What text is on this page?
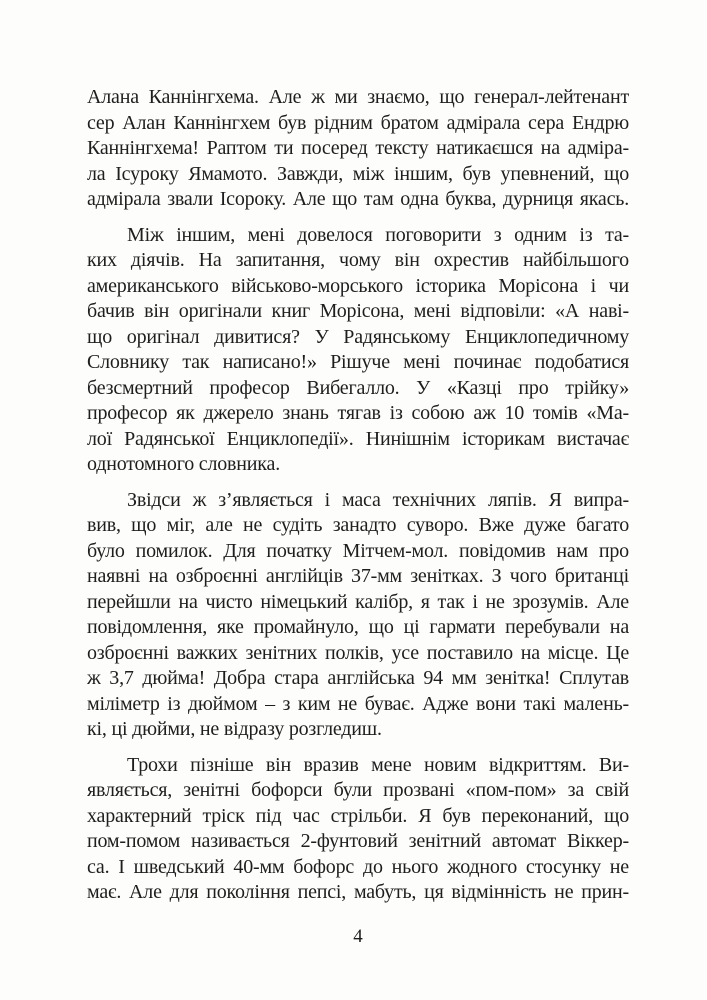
Алана Каннінгхема. Але ж ми знаємо, що генерал-лейтенант
сер Алан Каннінгхем був рідним братом адмірала сера Ендрю
Каннінгхема! Раптом ти посеред тексту натикаєшся на адміра-
ла Ісуроку Ямамото. Завжди, між іншим, був упевнений, що
адмірала звали Ісороку. Але що там одна буква, дурниця якась.

Між іншим, мені довелося поговорити з одним із та-
ких діячів. На запитання, чому він охрестив найбільшого
американського військово-морського історика Морісона і чи
бачив він оригінали книг Морісона, мені відповіли: «А наві-
що оригінал дивитися? У Радянському Енциклопедичному
Словнику так написано!» Рішуче мені починає подобатися
безсмертний професор Вибегалло. У «Казці про трійку»
професор як джерело знань тягав із собою аж 10 томів «Ма-
лої Радянської Енциклопедії». Нинішнім історикам вистачає
однотомного словника.

Звідси ж з’являється і маса технічних ляпів. Я випра-
вив, що міг, але не судіть занадто суворо. Вже дуже багато
було помилок. Для початку Мітчем-мол. повідомив нам про
наявні на озброєнні англійців 37-мм зенітках. З чого британці
перейшли на чисто німецький калібр, я так і не зрозумів. Але
повідомлення, яке промайнуло, що ці гармати перебували на
озброєнні важких зенітних полків, усе поставило на місце. Це
ж 3,7 дюйма! Добра стара англійська 94 мм зенітка! Сплутав
міліметр із дюймом – з ким не буває. Адже вони такі малень-
кі, ці дюйми, не відразу розгледиш.

Трохи пізніше він вразив мене новим відкриттям. Ви-
являється, зенітні бофорси були прозвані «пом-пом» за свій
характерний тріск під час стрільби. Я був переконаний, що
пом-помом називається 2-фунтовий зенітний автомат Віккер-
са. І шведський 40-мм бофорс до нього жодного стосунку не
має. Але для покоління пепсі, мабуть, ця відмінність не прин-

4
